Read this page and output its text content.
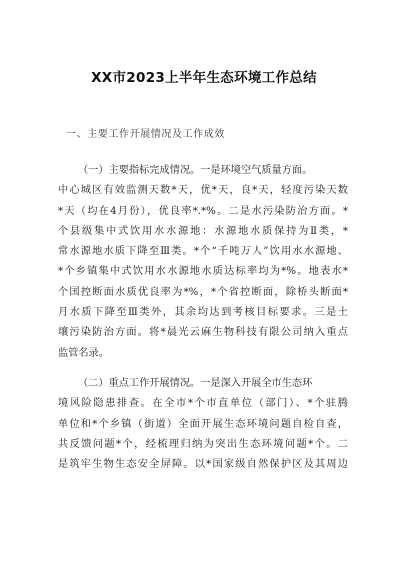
XX市2023上半年生态环境工作总结
一、主要工作开展情况及工作成效
（一）主要指标完成情况。一是环境空气质量方面。
中心城区有效监测天数*天，优*天，良*天，轻度污染天数
*天（均在4月份），优良率*.*%。二是水污染防治方面。*
个县级集中式饮用水水源地：水源地水质保持为Ⅱ类，*
常水源地水质下降至Ⅲ类。*个“千吨万人”饮用水水源地、
*个乡镇集中式饮用水水源地水质达标率均为*%。地表水*
个国控断面水质优良率为*%，*个省控断面，除桥头断面*
月水质下降至Ⅲ类外，其余均达到考核目标要求。三是土
壤污染防治方面。将*晨光云麻生物科技有限公司纳入重点
监管名录。
（二）重点工作开展情况。一是深入开展全市生态环
境风险隐患排查。在全市*个市直单位（部门）、*个驻腾
单位和*个乡镇（街道）全面开展生态环境问题自检自查，
共反馈问题*个，经梳理归纳为突出生态环境问题*个。二
是筑牢生物生态安全屏障。以*国家级自然保护区及其周边
